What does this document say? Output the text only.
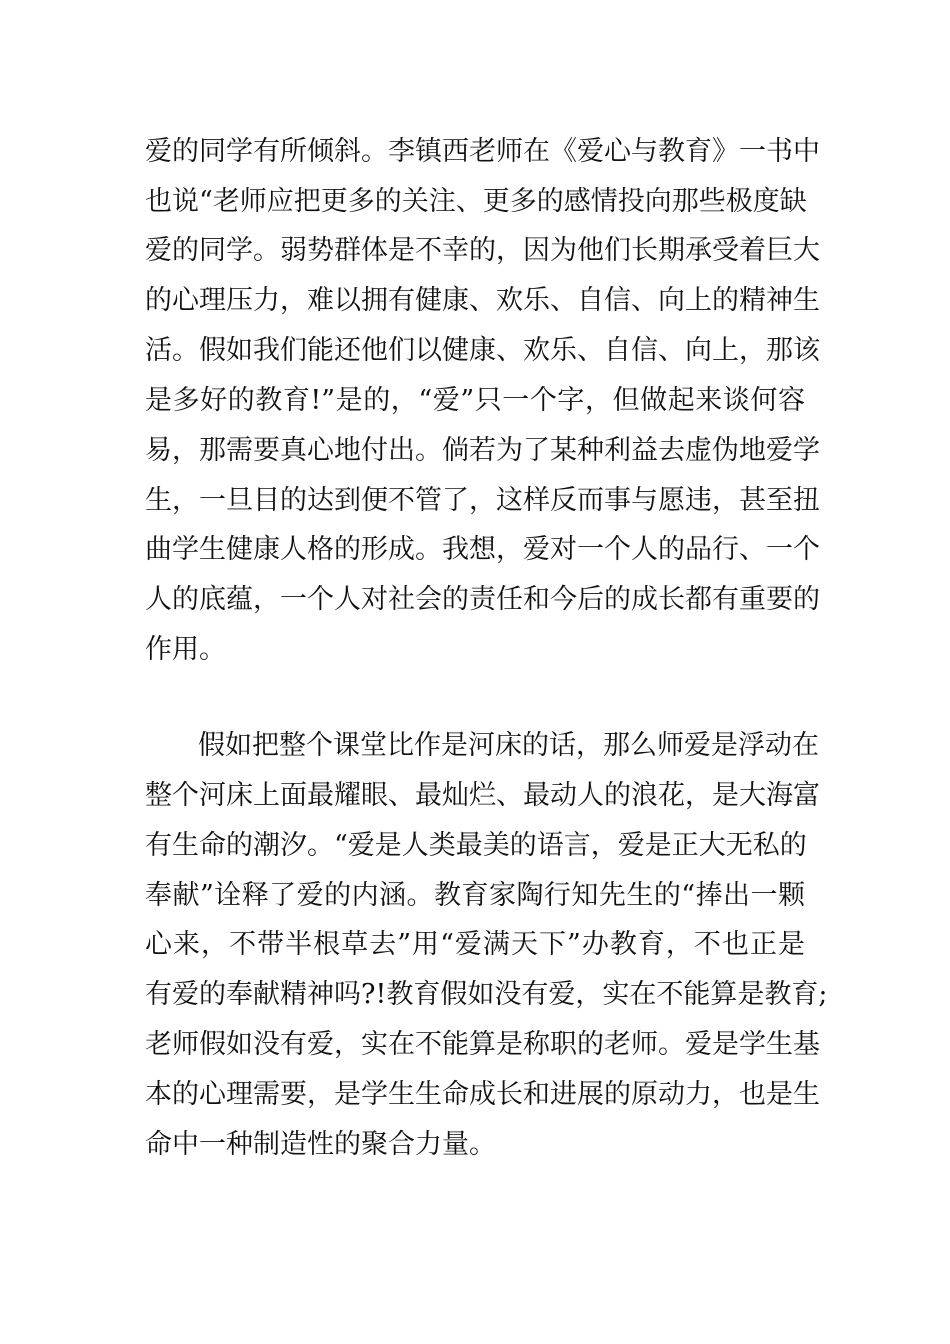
爱的同学有所倾斜。李镇西老师在《爱心与教育》一书中
也说“老师应把更多的关注、更多的感情投向那些极度缺
爱的同学。弱势群体是不幸的，因为他们长期承受着巨大
的心理压力，难以拥有健康、欢乐、自信、向上的精神生
活。假如我们能还他们以健康、欢乐、自信、向上，那该
是多好的教育!”是的，“爱”只一个字，但做起来谈何容
易，那需要真心地付出。倘若为了某种利益去虚伪地爱学
生，一旦目的达到便不管了，这样反而事与愿违，甚至扭
曲学生健康人格的形成。我想，爱对一个人的品行、一个
人的底蕴，一个人对社会的责任和今后的成长都有重要的
作用。
假如把整个课堂比作是河床的话，那么师爱是浮动在
整个河床上面最耀眼、最灿烂、最动人的浪花，是大海富
有生命的潮汐。“爱是人类最美的语言，爱是正大无私的
奉献”诠释了爱的内涵。教育家陶行知先生的“捧出一颗
心来，不带半根草去”用“爱满天下”办教育，不也正是
有爱的奉献精神吗?!教育假如没有爱，实在不能算是教育;
老师假如没有爱，实在不能算是称职的老师。爱是学生基
本的心理需要，是学生生命成长和进展的原动力，也是生
命中一种制造性的聚合力量。
